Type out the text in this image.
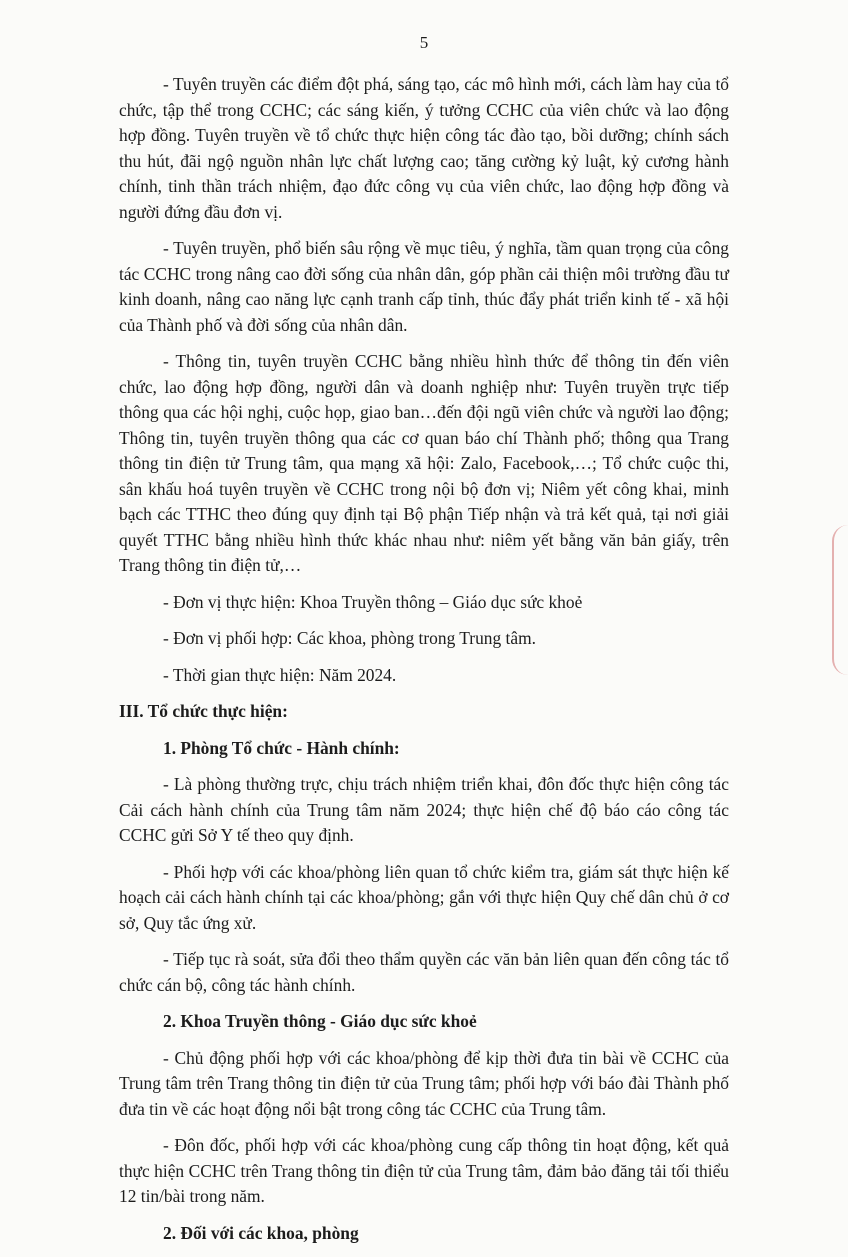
5

- Tuyên truyền các điểm đột phá, sáng tạo, các mô hình mới, cách làm hay của tổ chức, tập thể trong CCHC; các sáng kiến, ý tưởng CCHC của viên chức và lao động hợp đồng. Tuyên truyền về tổ chức thực hiện công tác đào tạo, bồi dưỡng; chính sách thu hút, đãi ngộ nguồn nhân lực chất lượng cao; tăng cường kỷ luật, kỷ cương hành chính, tinh thần trách nhiệm, đạo đức công vụ của viên chức, lao động hợp đồng và người đứng đầu đơn vị.

- Tuyên truyền, phổ biến sâu rộng về mục tiêu, ý nghĩa, tầm quan trọng của công tác CCHC trong nâng cao đời sống của nhân dân, góp phần cải thiện môi trường đầu tư kinh doanh, nâng cao năng lực cạnh tranh cấp tỉnh, thúc đẩy phát triển kinh tế - xã hội của Thành phố và đời sống của nhân dân.

- Thông tin, tuyên truyền CCHC bằng nhiều hình thức để thông tin đến viên chức, lao động hợp đồng, người dân và doanh nghiệp như: Tuyên truyền trực tiếp thông qua các hội nghị, cuộc họp, giao ban…đến đội ngũ viên chức và người lao động; Thông tin, tuyên truyền thông qua các cơ quan báo chí Thành phố; thông qua Trang thông tin điện tử Trung tâm, qua mạng xã hội: Zalo, Facebook,…; Tổ chức cuộc thi, sân khấu hoá tuyên truyền về CCHC trong nội bộ đơn vị; Niêm yết công khai, minh bạch các TTHC theo đúng quy định tại Bộ phận Tiếp nhận và trả kết quả, tại nơi giải quyết TTHC bằng nhiều hình thức khác nhau như: niêm yết bằng văn bản giấy, trên Trang thông tin điện tử,…

- Đơn vị thực hiện: Khoa Truyền thông – Giáo dục sức khoẻ

- Đơn vị phối hợp: Các khoa, phòng trong Trung tâm.

- Thời gian thực hiện: Năm 2024.

III. Tổ chức thực hiện:
1. Phòng Tổ chức - Hành chính:

- Là phòng thường trực, chịu trách nhiệm triển khai, đôn đốc thực hiện công tác Cải cách hành chính của Trung tâm năm 2024; thực hiện chế độ báo cáo công tác CCHC gửi Sở Y tế theo quy định.

- Phối hợp với các khoa/phòng liên quan tổ chức kiểm tra, giám sát thực hiện kế hoạch cải cách hành chính tại các khoa/phòng; gắn với thực hiện Quy chế dân chủ ở cơ sở, Quy tắc ứng xử.

- Tiếp tục rà soát, sửa đổi theo thẩm quyền các văn bản liên quan đến công tác tổ chức cán bộ, công tác hành chính.

2. Khoa Truyền thông - Giáo dục sức khoẻ

- Chủ động phối hợp với các khoa/phòng để kịp thời đưa tin bài về CCHC của Trung tâm trên Trang thông tin điện tử của Trung tâm; phối hợp với báo đài Thành phố đưa tin về các hoạt động nổi bật trong công tác CCHC của Trung tâm.

- Đôn đốc, phối hợp với các khoa/phòng cung cấp thông tin hoạt động, kết quả thực hiện CCHC trên Trang thông tin điện tử của Trung tâm, đảm bảo đăng tải tối thiểu 12 tin/bài trong năm.

2. Đối với các khoa, phòng
